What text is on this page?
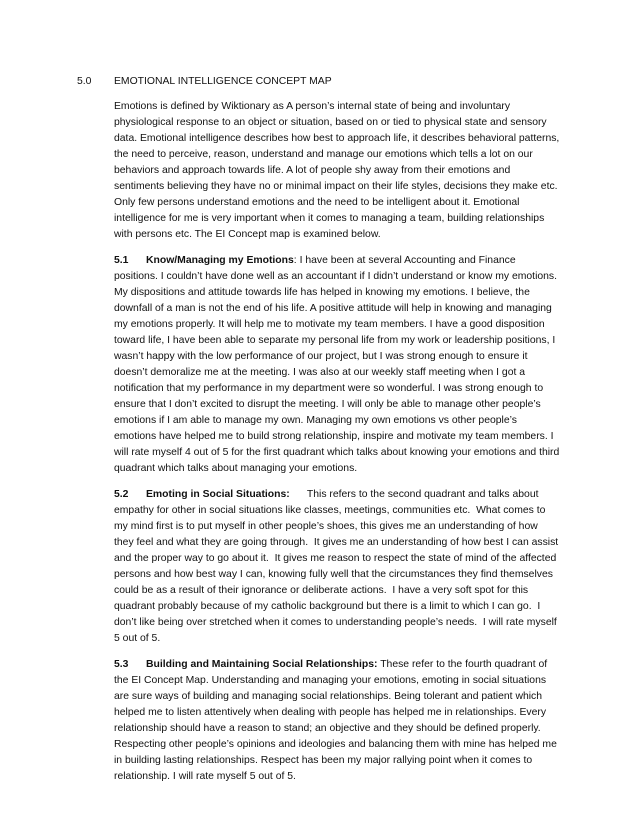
5.0 EMOTIONAL INTELLIGENCE CONCEPT MAP

Emotions is defined by Wiktionary as A person’s internal state of being and involuntary physiological response to an object or situation, based on or tied to physical state and sensory data. Emotional intelligence describes how best to approach life, it describes behavioral patterns, the need to perceive, reason, understand and manage our emotions which tells a lot on our behaviors and approach towards life. A lot of people shy away from their emotions and sentiments believing they have no or minimal impact on their life styles, decisions they make etc. Only few persons understand emotions and the need to be intelligent about it. Emotional intelligence for me is very important when it comes to managing a team, building relationships with persons etc. The EI Concept map is examined below.

5.1 Know/Managing my Emotions: I have been at several Accounting and Finance positions. I couldn’t have done well as an accountant if I didn’t understand or know my emotions. My dispositions and attitude towards life has helped in knowing my emotions. I believe, the downfall of a man is not the end of his life. A positive attitude will help in knowing and managing my emotions properly. It will help me to motivate my team members. I have a good disposition toward life, I have been able to separate my personal life from my work or leadership positions, I wasn’t happy with the low performance of our project, but I was strong enough to ensure it doesn’t demoralize me at the meeting. I was also at our weekly staff meeting when I got a notification that my performance in my department were so wonderful. I was strong enough to ensure that I don’t excited to disrupt the meeting. I will only be able to manage other people’s emotions if I am able to manage my own. Managing my own emotions vs other people’s emotions have helped me to build strong relationship, inspire and motivate my team members. I will rate myself 4 out of 5 for the first quadrant which talks about knowing your emotions and third quadrant which talks about managing your emotions.

5.2 Emoting in Social Situations:      This refers to the second quadrant and talks about empathy for other in social situations like classes, meetings, communities etc.  What comes to my mind first is to put myself in other people’s shoes, this gives me an understanding of how they feel and what they are going through.  It gives me an understanding of how best I can assist and the proper way to go about it.  It gives me reason to respect the state of mind of the affected persons and how best way I can, knowing fully well that the circumstances they find themselves could be as a result of their ignorance or deliberate actions.  I have a very soft spot for this quadrant probably because of my catholic background but there is a limit to which I can go.  I don’t like being over stretched when it comes to understanding people’s needs.  I will rate myself 5 out of 5.

5.3 Building and Maintaining Social Relationships: These refer to the fourth quadrant of the EI Concept Map. Understanding and managing your emotions, emoting in social situations are sure ways of building and managing social relationships. Being tolerant and patient which helped me to listen attentively when dealing with people has helped me in relationships. Every relationship should have a reason to stand; an objective and they should be defined properly. Respecting other people’s opinions and ideologies and balancing them with mine has helped me in building lasting relationships. Respect has been my major rallying point when it comes to relationship. I will rate myself 5 out of 5.
